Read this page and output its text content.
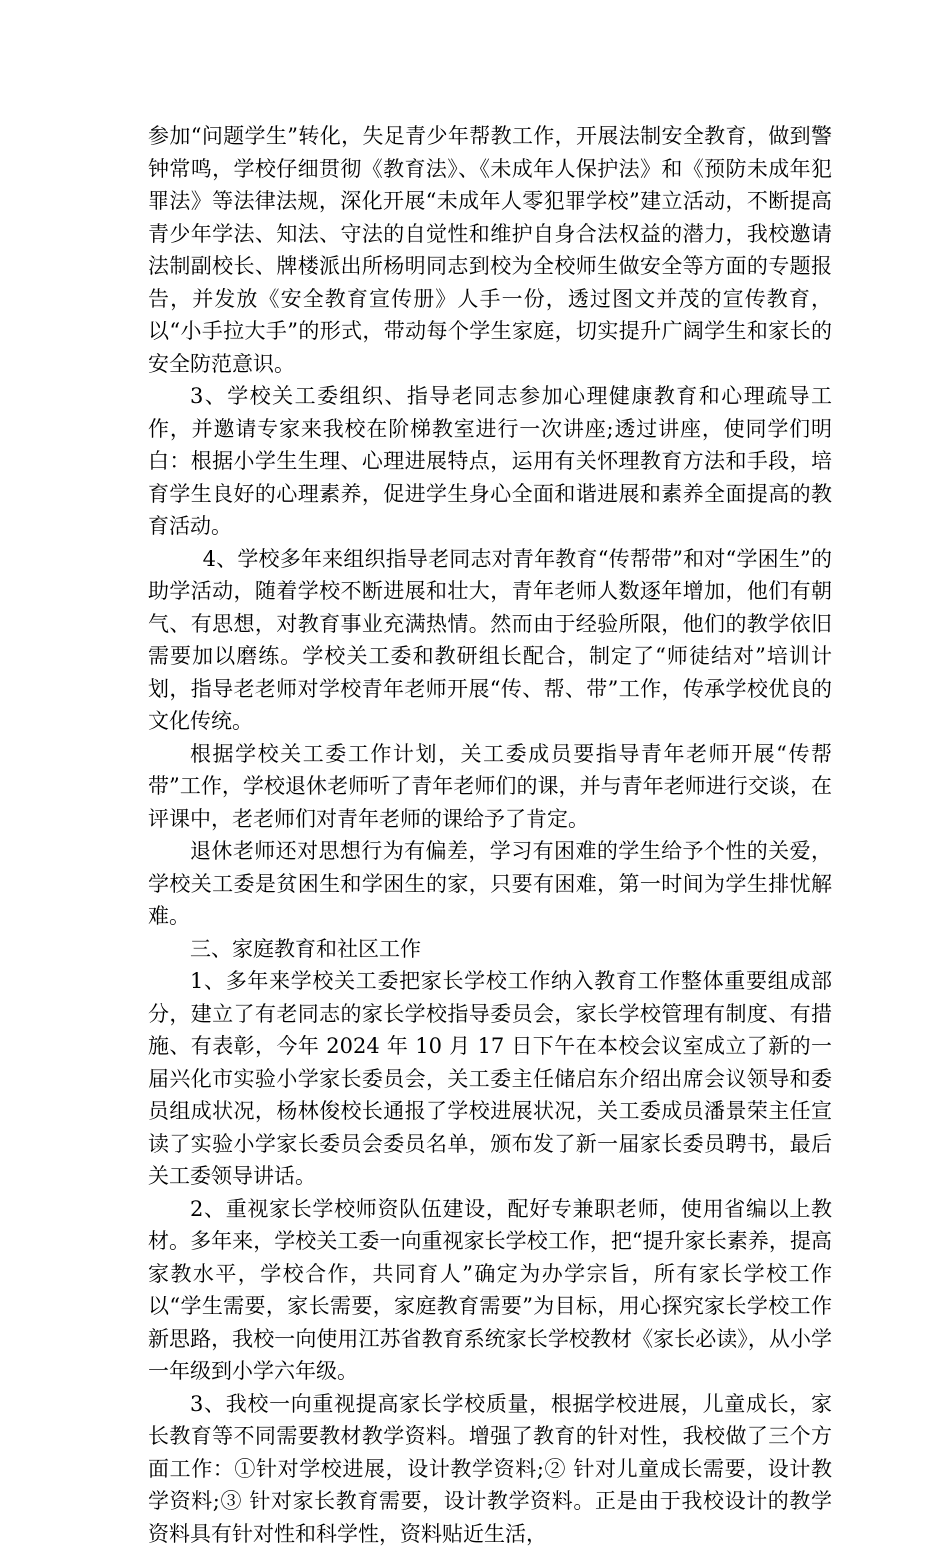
参加“问题学生”转化，失足青少年帮教工作，开展法制安全教育，做到警钟常鸣，学校仔细贯彻《教育法》、《未成年人保护法》和《预防未成年犯罪法》等法律法规，深化开展“未成年人零犯罪学校”建立活动，不断提高青少年学法、知法、守法的自觉性和维护自身合法权益的潜力，我校邀请法制副校长、牌楼派出所杨明同志到校为全校师生做安全等方面的专题报告，并发放《安全教育宣传册》人手一份，透过图文并茂的宣传教育，以“小手拉大手”的形式，带动每个学生家庭，切实提升广阔学生和家长的安全防范意识。

3、学校关工委组织、指导老同志参加心理健康教育和心理疏导工作，并邀请专家来我校在阶梯教室进行一次讲座;透过讲座，使同学们明白：根据小学生生理、心理进展特点，运用有关怀理教育方法和手段，培育学生良好的心理素养，促进学生身心全面和谐进展和素养全面提高的教育活动。

4、学校多年来组织指导老同志对青年教育“传帮带”和对“学困生”的助学活动，随着学校不断进展和壮大，青年老师人数逐年增加，他们有朝气、有思想，对教育事业充满热情。然而由于经验所限，他们的教学依旧需要加以磨练。学校关工委和教研组长配合，制定了“师徒结对”培训计划，指导老老师对学校青年老师开展“传、帮、带”工作，传承学校优良的文化传统。

根据学校关工委工作计划，关工委成员要指导青年老师开展“传帮带”工作，学校退休老师听了青年老师们的课，并与青年老师进行交谈，在评课中，老老师们对青年老师的课给予了肯定。

退休老师还对思想行为有偏差，学习有困难的学生给予个性的关爱，学校关工委是贫困生和学困生的家，只要有困难，第一时间为学生排忧解难。

三、家庭教育和社区工作

1、多年来学校关工委把家长学校工作纳入教育工作整体重要组成部分，建立了有老同志的家长学校指导委员会，家长学校管理有制度、有措施、有表彰，今年 2024 年 10 月 17 日下午在本校会议室成立了新的一届兴化市实验小学家长委员会，关工委主任储启东介绍出席会议领导和委员组成状况，杨林俊校长通报了学校进展状况，关工委成员潘景荣主任宣读了实验小学家长委员会委员名单，颁布发了新一届家长委员聘书，最后关工委领导讲话。

2、重视家长学校师资队伍建设，配好专兼职老师，使用省编以上教材。多年来，学校关工委一向重视家长学校工作，把“提升家长素养，提高家教水平，学校合作，共同育人”确定为办学宗旨，所有家长学校工作以“学生需要，家长需要，家庭教育需要”为目标，用心探究家长学校工作新思路，我校一向使用江苏省教育系统家长学校教材《家长必读》，从小学一年级到小学六年级。

3、我校一向重视提高家长学校质量，根据学校进展，儿童成长，家长教育等不同需要教材教学资料。增强了教育的针对性，我校做了三个方面工作：①针对学校进展，设计教学资料;② 针对儿童成长需要，设计教学资料;③ 针对家长教育需要，设计教学资料。正是由于我校设计的教学资料具有针对性和科学性，资料贴近生活，
